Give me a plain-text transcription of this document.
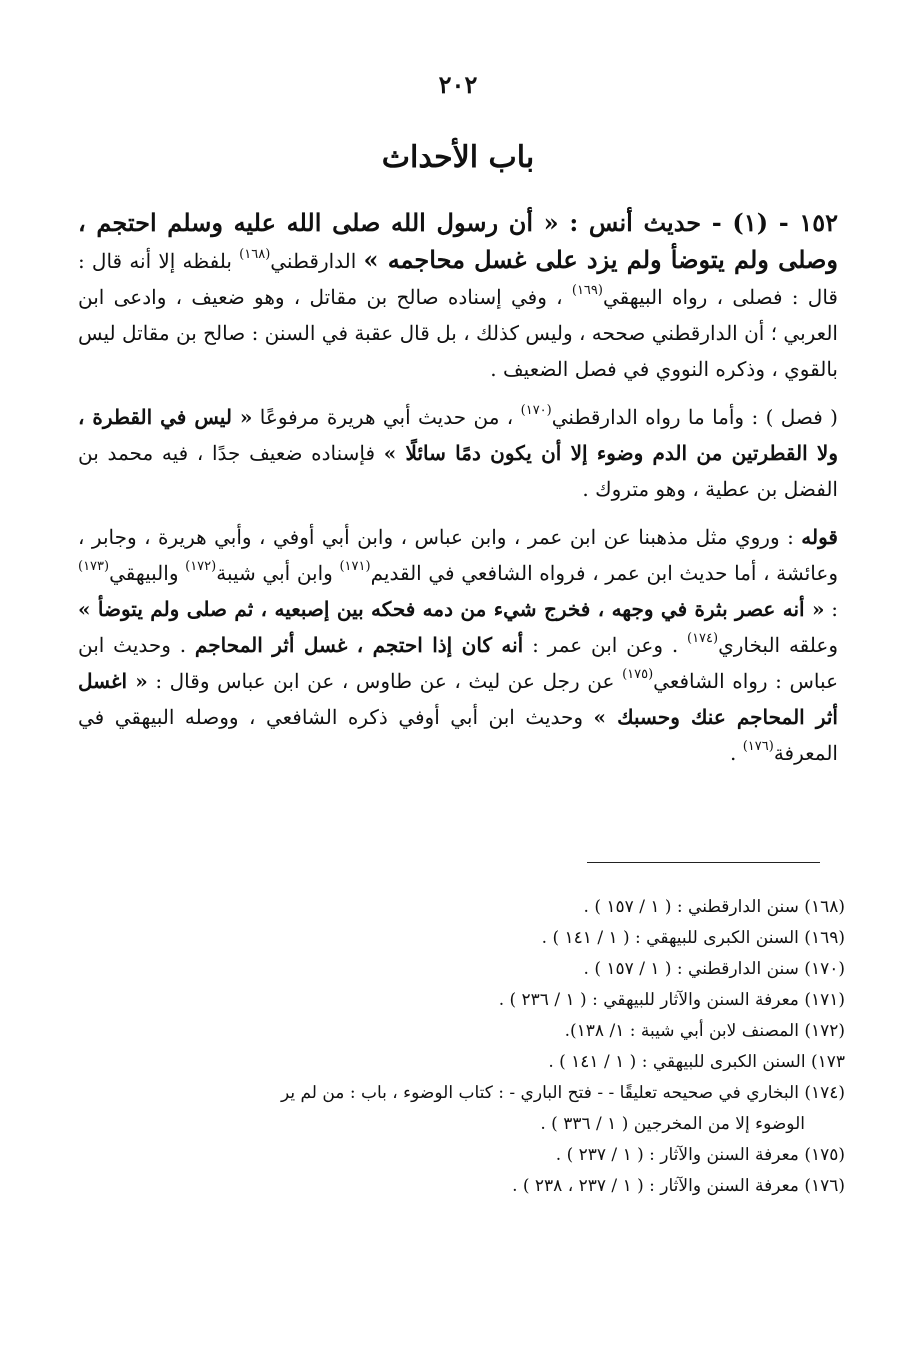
٢٠٢
باب الأحداث

١٥٢ - (١) - حديث أنس : « أن رسول الله صلى الله عليه وسلم احتجم ، وصلى ولم يتوضأ ولم يزد على غسل محاجمه » الدارقطني$^{(١٦٨)}$ بلفظه إلا أنه قال : قال : فصلى ، رواه البيهقي$^{(١٦٩)}$ ، وفي إسناده صالح بن مقاتل ، وهو ضعيف ، وادعى ابن العربي ؛ أن الدارقطني صححه ، وليس كذلك ، بل قال عقبة في السنن : صالح بن مقاتل ليس بالقوي ، وذكره النووي في فصل الضعيف .

( فصل ) : وأما ما رواه الدارقطني$^{(١٧٠)}$ ، من حديث أبي هريرة مرفوعًا « ليس في القطرة ، ولا القطرتين من الدم وضوء إلا أن يكون دمًا سائلًا » فإسناده ضعيف جدًا ، فيه محمد بن الفضل بن عطية ، وهو متروك .

قوله : وروي مثل مذهبنا عن ابن عمر ، وابن عباس ، وابن أبي أوفي ، وأبي هريرة ، وجابر ، وعائشة ، أما حديث ابن عمر ، فرواه الشافعي في القديم$^{(١٧١)}$ وابن أبي شيبة$^{(١٧٢)}$ والبيهقي$^{(١٧٣)}$ : « أنه عصر بثرة في وجهه ، فخرج شيء من دمه فحكه بين إصبعيه ، ثم صلى ولم يتوضأ » وعلقه البخاري$^{(١٧٤)}$ . وعن ابن عمر : أنه كان إذا احتجم ، غسل أثر المحاجم . وحديث ابن عباس : رواه الشافعي$^{(١٧٥)}$ عن رجل عن ليث ، عن طاوس ، عن ابن عباس وقال : « اغسل أثر المحاجم عنك وحسبك » وحديث ابن أبي أوفي ذكره الشافعي ، ووصله البيهقي في المعرفة$^{(١٧٦)}$ .

(١٦٨) سنن الدارقطني : ( ١ / ١٥٧ ) .

(١٦٩) السنن الكبرى للبيهقي : ( ١ / ١٤١ ) .

(١٧٠) سنن الدارقطني : ( ١ / ١٥٧ ) .

(١٧١) معرفة السنن والآثار للبيهقي : ( ١ / ٢٣٦ ) .

(١٧٢) المصنف لابن أبي شيبة : ١/ ١٣٨).

١٧٣) السنن الكبرى للبيهقي : ( ١ / ١٤١ ) .

(١٧٤) البخاري في صحيحه تعليقًا - - فتح الباري - : كتاب الوضوء ، باب : من لم ير

الوضوء إلا من المخرجين ( ١ / ٣٣٦ ) .

(١٧٥) معرفة السنن والآثار : ( ١ / ٢٣٧ ) .

(١٧٦) معرفة السنن والآثار : ( ١ / ٢٣٧ ، ٢٣٨ ) .
